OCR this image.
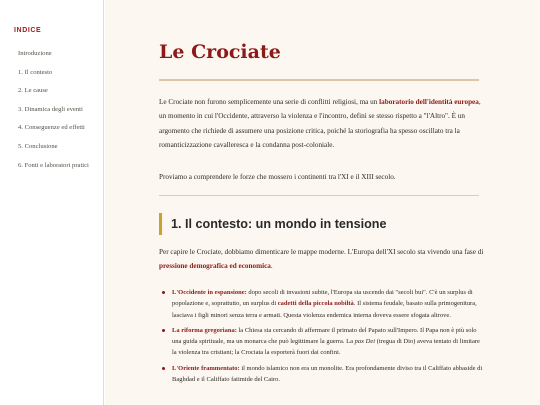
INDICE
Introduzione
1. Il contesto
2. Le cause
3. Dinamica degli eventi
4. Conseguenze ed effetti
5. Conclusione
6. Fonti e laboratori pratici
Le Crociate

Le Crociate non furono semplicemente una serie di conflitti religiosi, ma un laboratorio dell'identità europea, un momento in cui l'Occidente, attraverso la violenza e l'incontro, definì se stesso rispetto a "l'Altro". È un argomento che richiede di assumere una posizione critica, poiché la storiografia ha spesso oscillato tra la romanticizzazione cavalleresca e la condanna post-coloniale.

Proviamo a comprendere le forze che mossero i continenti tra l'XI e il XIII secolo.

1. Il contesto: un mondo in tensione

Per capire le Crociate, dobbiamo dimenticare le mappe moderne. L'Europa dell'XI secolo sta vivendo una fase di pressione demografica ed economica.

L'Occidente in espansione: dopo secoli di invasioni subite, l'Europa sta uscendo dai "secoli bui". C'è un surplus di popolazione e, soprattutto, un surplus di cadetti della piccola nobiltà. Il sistema feudale, basato sulla primogenitura, lasciava i figli minori senza terra e armati. Questa violenza endemica interna doveva essere sfogata altrove.
La riforma gregoriana: la Chiesa sta cercando di affermare il primato del Papato sull'Impero. Il Papa non è più solo una guida spirituale, ma un monarca che può legittimare la guerra. La pax Dei (tregua di Dio) aveva tentato di limitare la violenza tra cristiani; la Crociata la esporterà fuori dai confini.
L'Oriente frammentato: il mondo islamico non era un monolite. Era profondamente diviso tra il Califfato abbaside di Baghdad e il Califfato fatimide del Cairo.
